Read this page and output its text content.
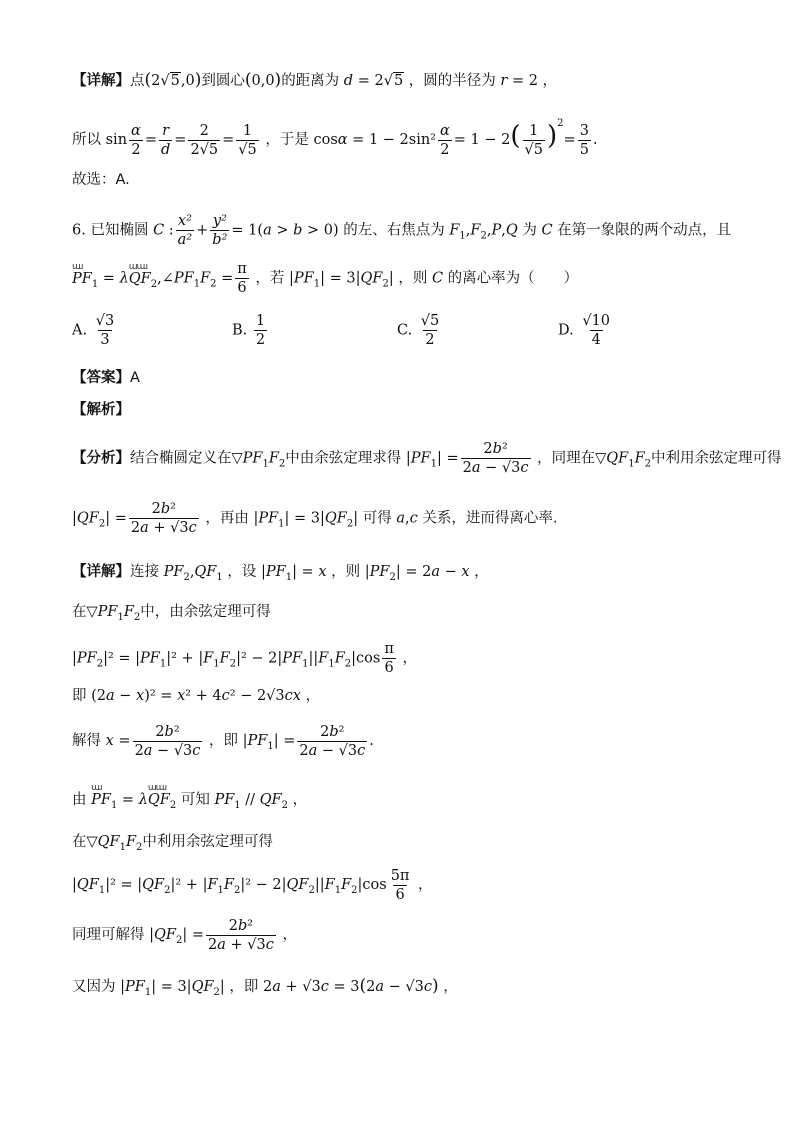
【详解】点(2√5,0)到圆心(0,0)的距离为 d = 2√5 ，圆的半径为 r = 2 ，
所以 $\sin \frac{\alpha}{2} = \frac{r}{d} = \frac{2}{2√5} = \frac{1}{√5}$ ，于是 $\cos\alpha = 1 - 2\sin^2 \frac{\alpha}{2} = 1 - 2( \frac{1}{√5} )^2= \frac{3}{5}$ .
故选：A.
6. 已知椭圆 C : $\frac{\text{x²}}{\text{a²}} + \frac{\text{y²}}{\text{b²}} = 1(a > b > 0)$ 的左、右焦点为 $F_1,F_2,P,Q$ 为 C 在第一象限的两个动点，且
ɯɹ
$PF_1 = \lambda$
ɯɯɹ
$QF_2,\angle PF_1F_2 = \frac{\pi}{6}$ ，若 $|PF_1| = 3|QF_2|$ ，则 C 的离心率为（　　）
A. $\frac{√3}{3}$	B. $\frac{1}{2}$	C. $\frac{√5}{2}$	D. $\frac{√10}{4}$
【答案】A
【解析】
【分析】结合椭圆定义在$▽PF_1F_2$中由余弦定理求得 $|PF_1| = \frac{\text{2b²}}{2a - √3c}$ ，同理在$▽QF_1F_2$中利用余弦定理可得
$|QF_2| = \frac{\text{2b²}}{2a + √3c}$ ，再由 $|PF_1| = 3|QF_2|$ 可得 a,c 关系，进而得离心率.
【详解】连接 $PF_2,QF_1$ ，设 $|PF_1| = x$ ，则 $|PF_2| = 2a - x$ ，
在$▽PF_1F_2$中，由余弦定理可得
$|PF_2|^2 = |PF_1|^2 + |F_1F_2|^2 - 2|PF_1||F_1F_2|\cos \frac{\pi}{6}$ ，
即 (2a − x)² = x² + 4c² − 2√3cx ，
解得 $x = \frac{\text{2b²}}{2a - √3c}$ ，即 $|PF_1| = \frac{\text{2b²}}{2a - √3c}$ .
由
ɯɹ
$PF_1 = \lambda$
ɯɯɹ
$QF_2$ 可知 $PF_1 // QF_2$ ，
在$▽QF_1F_2$中利用余弦定理可得
$|QF_1|^2 = |QF_2|^2 + |F_1F_2|^2 - 2|QF_2||F_1F_2|\cos \frac{5\pi}{6}$ ，
同理可解得 $|QF_2| = \frac{\text{2b²}}{2a + √3c}$ ，
又因为 $|PF_1| = 3|QF_2|$ ，即 2a + √3c = 3(2a − √3c) ，
